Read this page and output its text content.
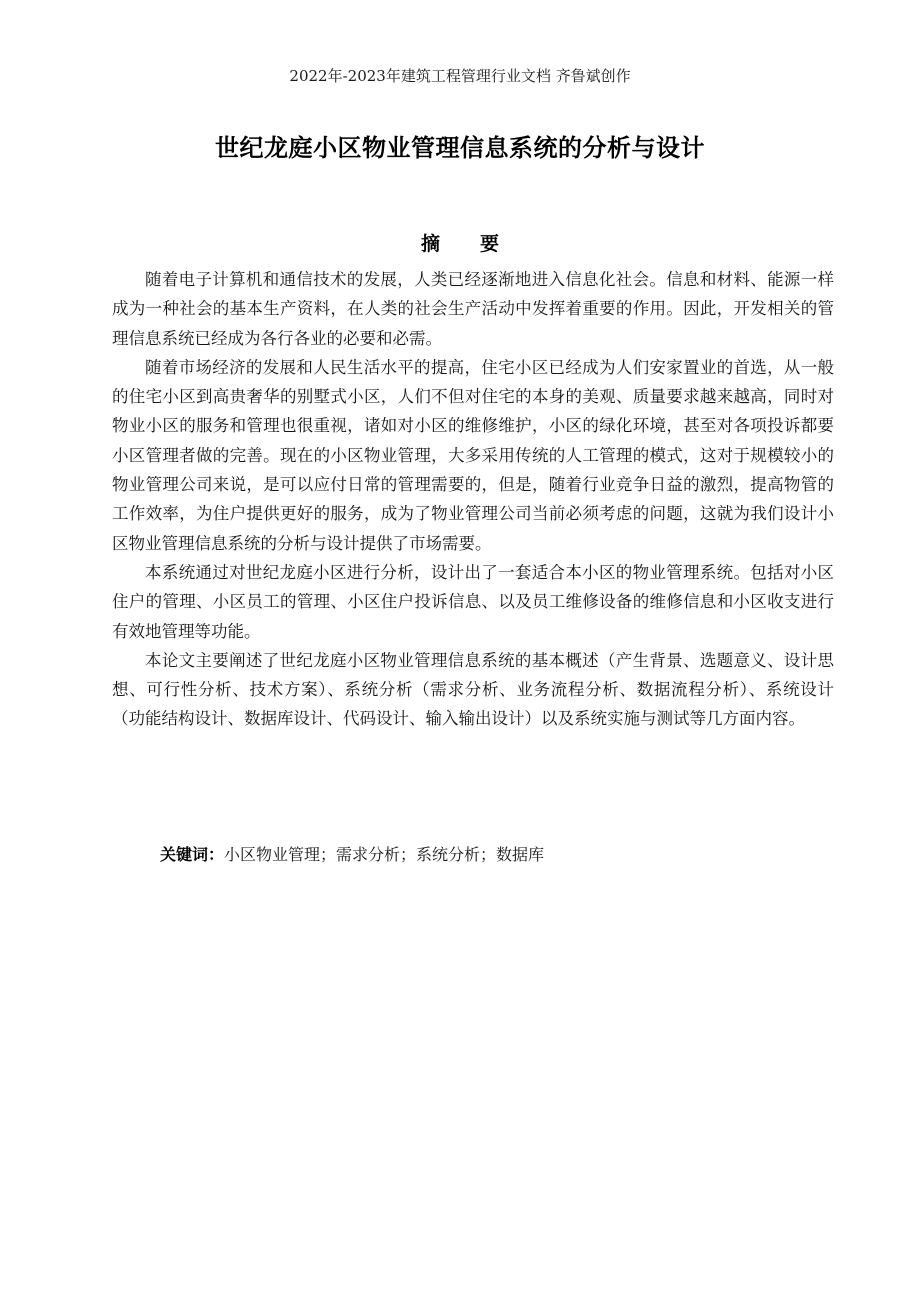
2022年-2023年建筑工程管理行业文档 齐鲁斌创作
世纪龙庭小区物业管理信息系统的分析与设计
摘 要

随着电子计算机和通信技术的发展，人类已经逐渐地进入信息化社会。信息和材料、能源一样成为一种社会的基本生产资料，在人类的社会生产活动中发挥着重要的作用。因此，开发相关的管理信息系统已经成为各行各业的必要和必需。

随着市场经济的发展和人民生活水平的提高，住宅小区已经成为人们安家置业的首选，从一般的住宅小区到高贵奢华的别墅式小区，人们不但对住宅的本身的美观、质量要求越来越高，同时对物业小区的服务和管理也很重视，诸如对小区的维修维护，小区的绿化环境，甚至对各项投诉都要小区管理者做的完善。现在的小区物业管理，大多采用传统的人工管理的模式，这对于规模较小的物业管理公司来说，是可以应付日常的管理需要的，但是，随着行业竞争日益的激烈，提高物管的工作效率，为住户提供更好的服务，成为了物业管理公司当前必须考虑的问题，这就为我们设计小区物业管理信息系统的分析与设计提供了市场需要。

本系统通过对世纪龙庭小区进行分析，设计出了一套适合本小区的物业管理系统。包括对小区住户的管理、小区员工的管理、小区住户投诉信息、以及员工维修设备的维修信息和小区收支进行有效地管理等功能。

本论文主要阐述了世纪龙庭小区物业管理信息系统的基本概述（产生背景、选题意义、设计思想、可行性分析、技术方案）、系统分析（需求分析、业务流程分析、数据流程分析）、系统设计（功能结构设计、数据库设计、代码设计、输入输出设计）以及系统实施与测试等几方面内容。

关键词：小区物业管理；需求分析；系统分析；数据库
